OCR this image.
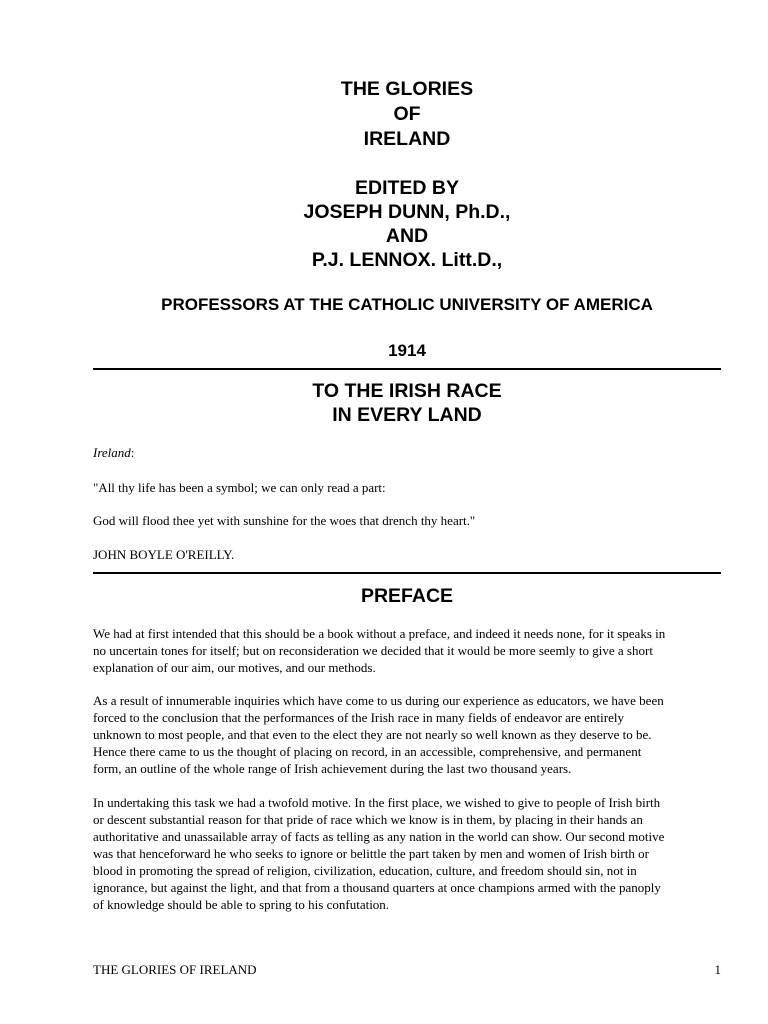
THE GLORIES
OF
IRELAND
EDITED BY
JOSEPH DUNN, Ph.D.,
AND
P.J. LENNOX. Litt.D.,
PROFESSORS AT THE CATHOLIC UNIVERSITY OF AMERICA
1914
TO THE IRISH RACE
IN EVERY LAND
Ireland:
"All thy life has been a symbol; we can only read a part:
God will flood thee yet with sunshine for the woes that drench thy heart."
JOHN BOYLE O'REILLY.
PREFACE

We had at first intended that this should be a book without a preface, and indeed it needs none, for it speaks in
no uncertain tones for itself; but on reconsideration we decided that it would be more seemly to give a short
explanation of our aim, our motives, and our methods.

As a result of innumerable inquiries which have come to us during our experience as educators, we have been
forced to the conclusion that the performances of the Irish race in many fields of endeavor are entirely
unknown to most people, and that even to the elect they are not nearly so well known as they deserve to be.
Hence there came to us the thought of placing on record, in an accessible, comprehensive, and permanent
form, an outline of the whole range of Irish achievement during the last two thousand years.

In undertaking this task we had a twofold motive. In the first place, we wished to give to people of Irish birth
or descent substantial reason for that pride of race which we know is in them, by placing in their hands an
authoritative and unassailable array of facts as telling as any nation in the world can show. Our second motive
was that henceforward he who seeks to ignore or belittle the part taken by men and women of Irish birth or
blood in promoting the spread of religion, civilization, education, culture, and freedom should sin, not in
ignorance, but against the light, and that from a thousand quarters at once champions armed with the panoply
of knowledge should be able to spring to his confutation.

THE GLORIES OF IRELAND	1
